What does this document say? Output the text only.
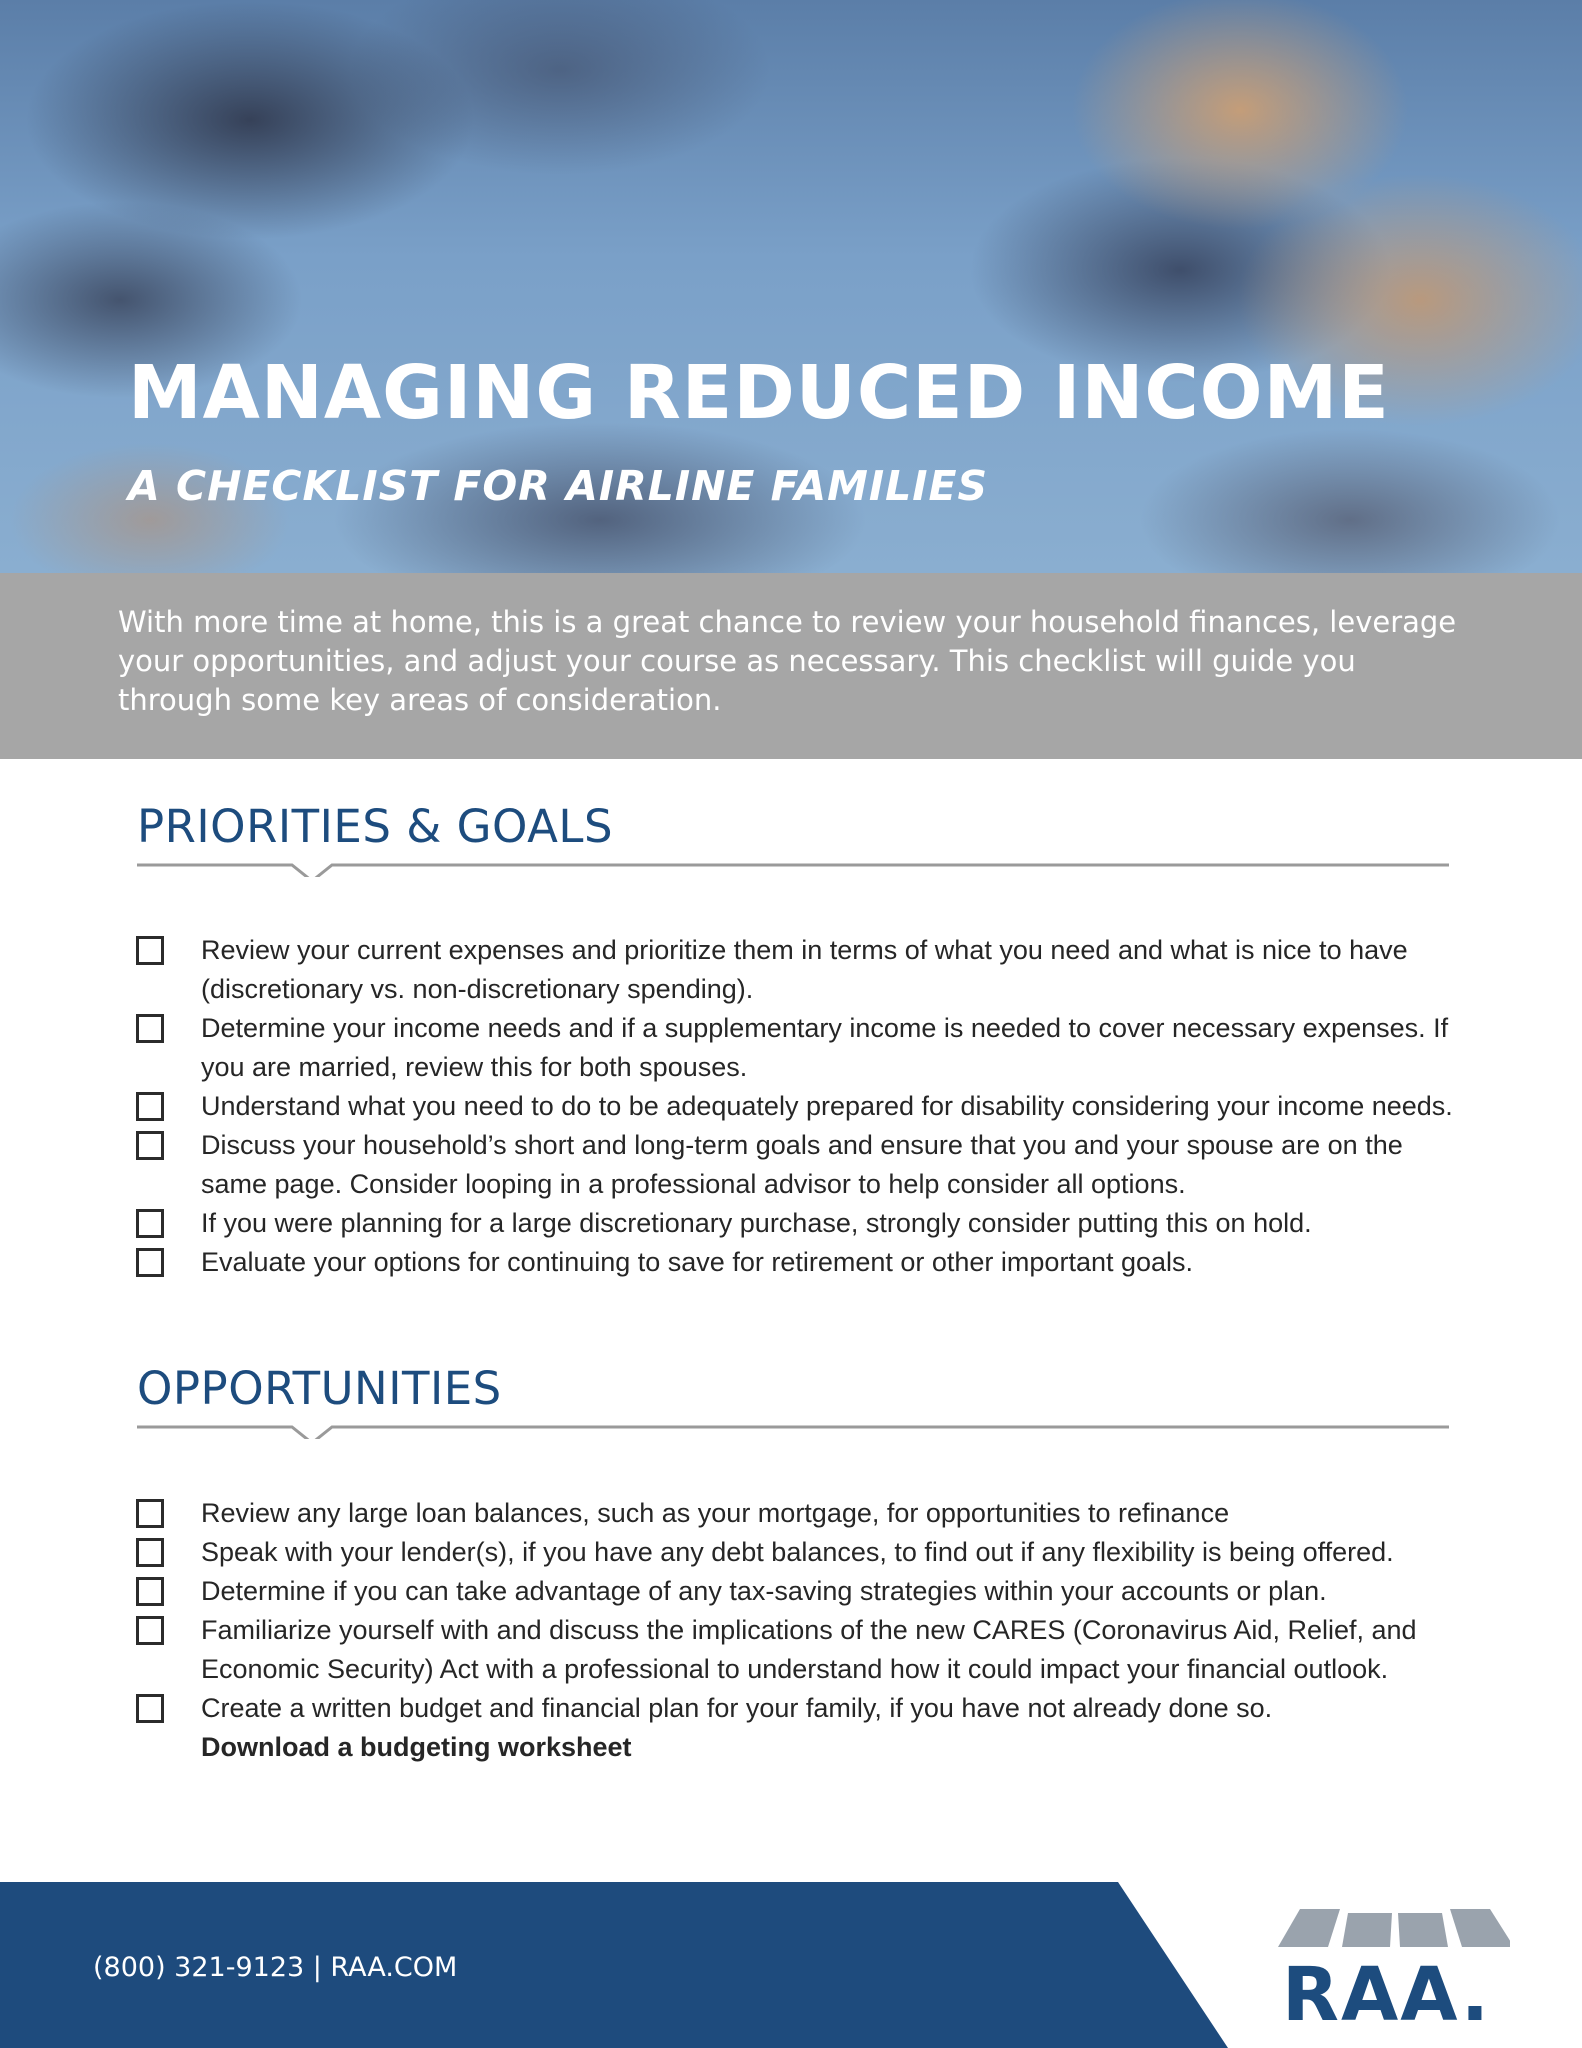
MANAGING REDUCED INCOME
A CHECKLIST FOR AIRLINE FAMILIES

With more time at home, this is a great chance to review your household finances, leverage your opportunities, and adjust your course as necessary. This checklist will guide you through some key areas of consideration.

PRIORITIES & GOALS
Review your current expenses and prioritize them in terms of what you need and what is nice to have (discretionary vs. non-discretionary spending).
Determine your income needs and if a supplementary income is needed to cover necessary expenses. If you are married, review this for both spouses.
Understand what you need to do to be adequately prepared for disability considering your income needs.
Discuss your household’s short and long-term goals and ensure that you and your spouse are on the same page. Consider looping in a professional advisor to help consider all options.
If you were planning for a large discretionary purchase, strongly consider putting this on hold.
Evaluate your options for continuing to save for retirement or other important goals.
OPPORTUNITIES
Review any large loan balances, such as your mortgage, for opportunities to refinance
Speak with your lender(s), if you have any debt balances, to find out if any flexibility is being offered.
Determine if you can take advantage of any tax-saving strategies within your accounts or plan.
Familiarize yourself with and discuss the implications of the new CARES (Coronavirus Aid, Relief, and Economic Security) Act with a professional to understand how it could impact your financial outlook.
Create a written budget and financial plan for your family, if you have not already done so.
Download a budgeting worksheet

(800) 321-9123 | RAA.COM	RAA.
